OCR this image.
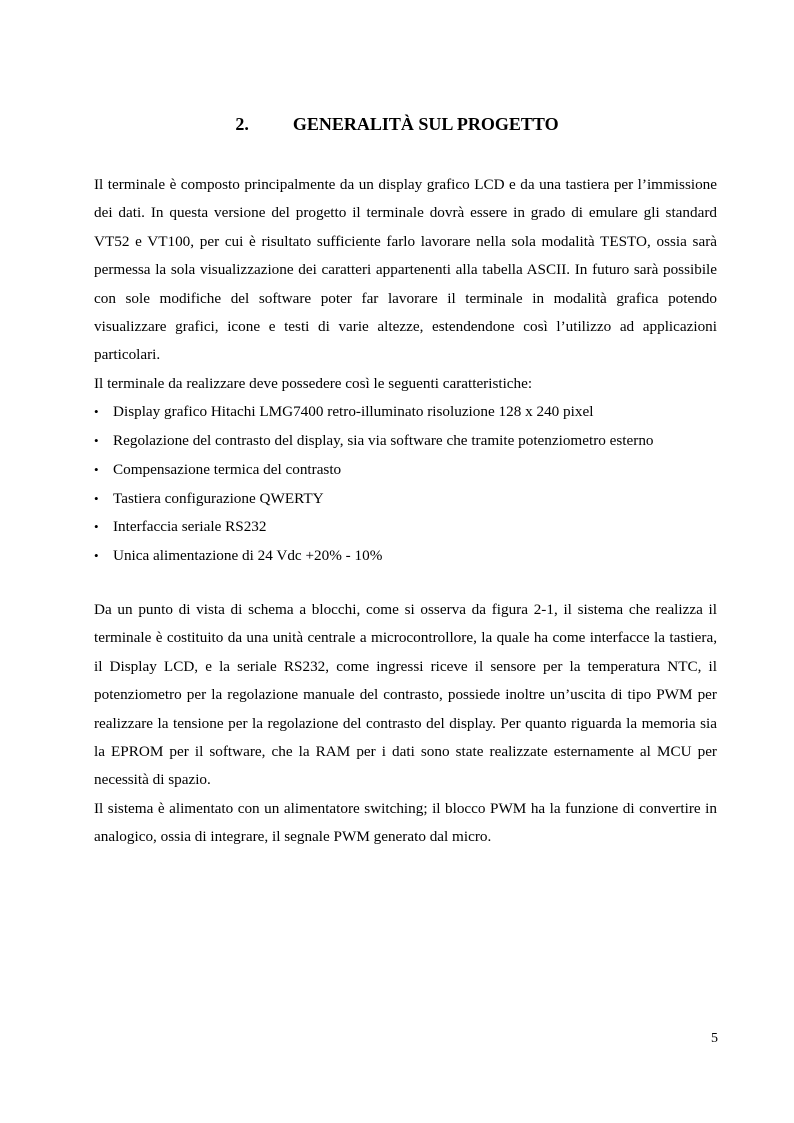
2. GENERALITÀ SUL PROGETTO

Il terminale è composto principalmente da un display grafico LCD e da una tastiera per l’immissione dei dati. In questa versione del progetto il terminale dovrà essere in grado di emulare gli standard VT52 e VT100, per cui è risultato sufficiente farlo lavorare nella sola modalità TESTO, ossia sarà permessa la sola visualizzazione dei caratteri appartenenti alla tabella ASCII. In futuro sarà possibile con sole modifiche del software poter far lavorare il terminale in modalità grafica potendo visualizzare grafici, icone e testi di varie altezze, estendendone così l’utilizzo ad applicazioni particolari.

Il terminale da realizzare deve possedere così le seguenti caratteristiche:

• Display grafico Hitachi LMG7400 retro-illuminato risoluzione 128 x 240 pixel
• Regolazione del contrasto del display, sia via software che tramite potenziometro esterno
• Compensazione termica del contrasto
• Tastiera configurazione QWERTY
• Interfaccia seriale RS232
• Unica alimentazione di 24 Vdc +20% - 10%

Da un punto di vista di schema a blocchi, come si osserva da figura 2-1, il sistema che realizza il terminale è costituito da una unità centrale a microcontrollore, la quale ha come interfacce la tastiera, il Display LCD, e la seriale RS232, come ingressi riceve il sensore per la temperatura NTC, il potenziometro per la regolazione manuale del contrasto, possiede inoltre un’uscita di tipo PWM per realizzare la tensione per la regolazione del contrasto del display. Per quanto riguarda la memoria sia la EPROM per il software, che la RAM per i dati sono state realizzate esternamente al MCU per necessità di spazio.

Il sistema è alimentato con un alimentatore switching; il blocco PWM ha la funzione di convertire in analogico, ossia di integrare, il segnale PWM generato dal micro.

5
